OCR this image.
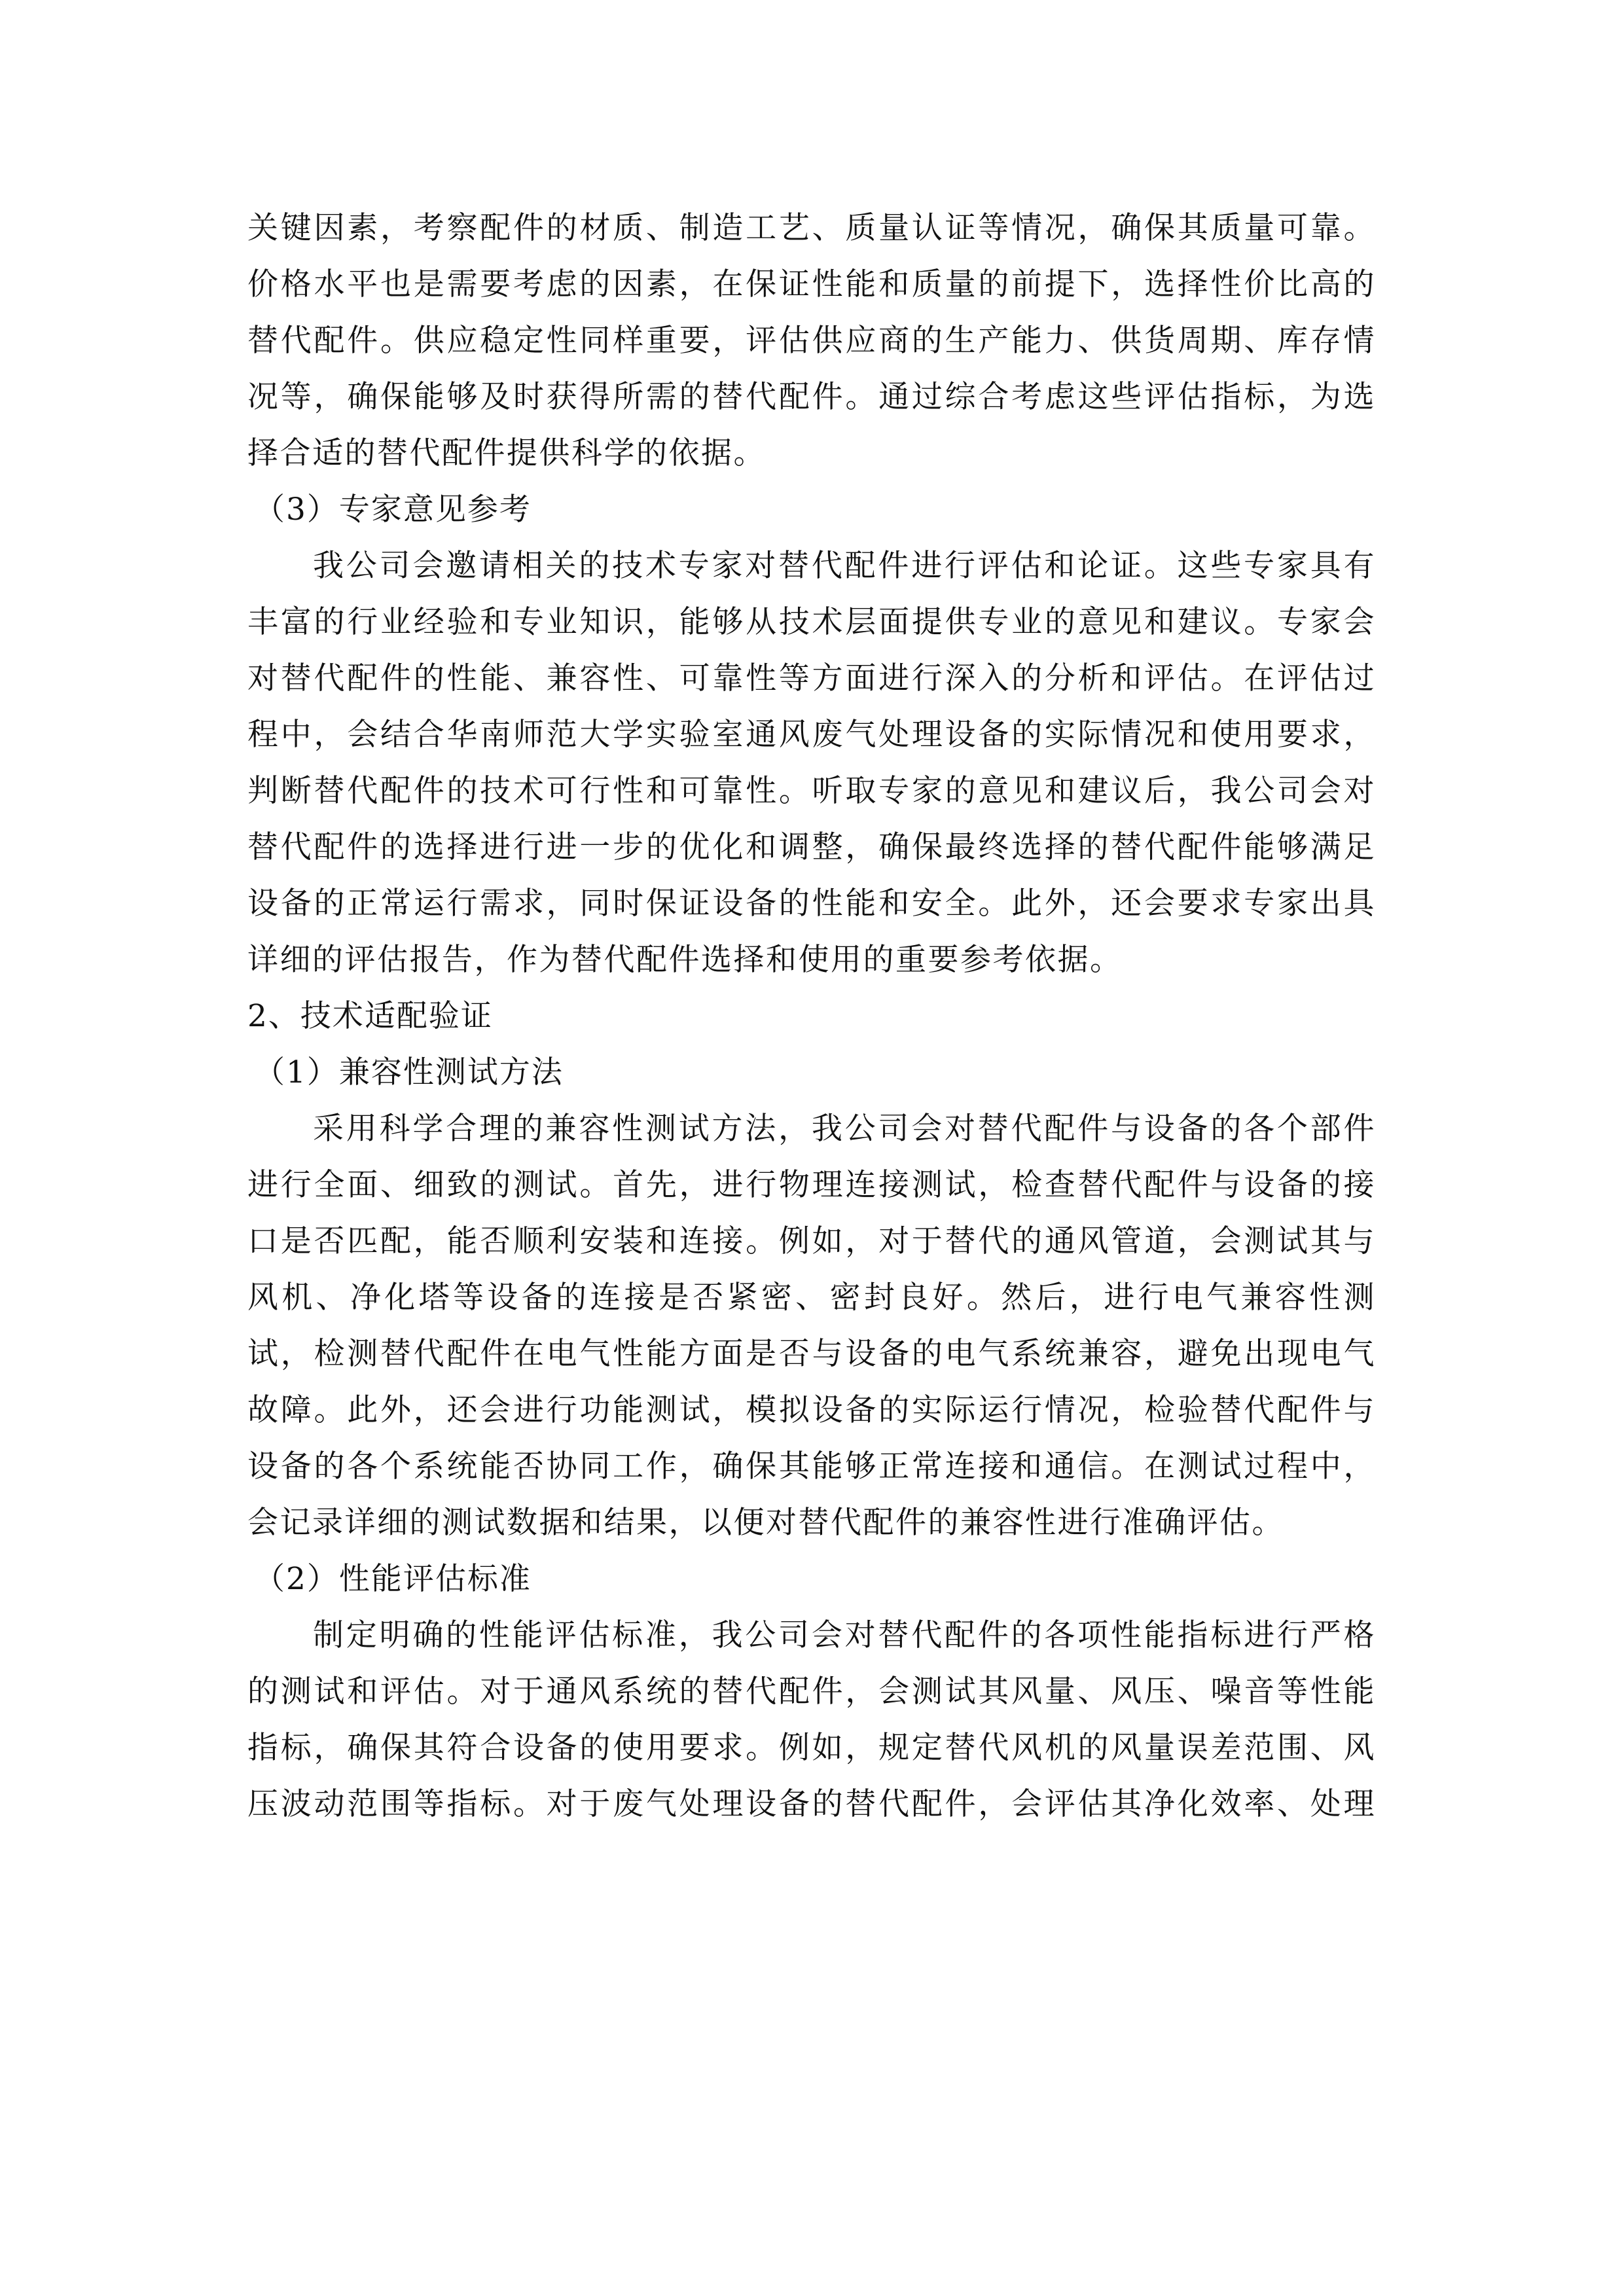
关键因素，考察配件的材质、制造工艺、质量认证等情况，确保其质量可靠。
价格水平也是需要考虑的因素，在保证性能和质量的前提下，选择性价比高的
替代配件。供应稳定性同样重要，评估供应商的生产能力、供货周期、库存情
况等，确保能够及时获得所需的替代配件。通过综合考虑这些评估指标，为选
择合适的替代配件提供科学的依据。
（3）专家意见参考
我公司会邀请相关的技术专家对替代配件进行评估和论证。这些专家具有
丰富的行业经验和专业知识，能够从技术层面提供专业的意见和建议。专家会
对替代配件的性能、兼容性、可靠性等方面进行深入的分析和评估。在评估过
程中，会结合华南师范大学实验室通风废气处理设备的实际情况和使用要求，
判断替代配件的技术可行性和可靠性。听取专家的意见和建议后，我公司会对
替代配件的选择进行进一步的优化和调整，确保最终选择的替代配件能够满足
设备的正常运行需求，同时保证设备的性能和安全。此外，还会要求专家出具
详细的评估报告，作为替代配件选择和使用的重要参考依据。
2、技术适配验证
（1）兼容性测试方法
采用科学合理的兼容性测试方法，我公司会对替代配件与设备的各个部件
进行全面、细致的测试。首先，进行物理连接测试，检查替代配件与设备的接
口是否匹配，能否顺利安装和连接。例如，对于替代的通风管道，会测试其与
风机、净化塔等设备的连接是否紧密、密封良好。然后，进行电气兼容性测
试，检测替代配件在电气性能方面是否与设备的电气系统兼容，避免出现电气
故障。此外，还会进行功能测试，模拟设备的实际运行情况，检验替代配件与
设备的各个系统能否协同工作，确保其能够正常连接和通信。在测试过程中，
会记录详细的测试数据和结果，以便对替代配件的兼容性进行准确评估。
（2）性能评估标准
制定明确的性能评估标准，我公司会对替代配件的各项性能指标进行严格
的测试和评估。对于通风系统的替代配件，会测试其风量、风压、噪音等性能
指标，确保其符合设备的使用要求。例如，规定替代风机的风量误差范围、风
压波动范围等指标。对于废气处理设备的替代配件，会评估其净化效率、处理
